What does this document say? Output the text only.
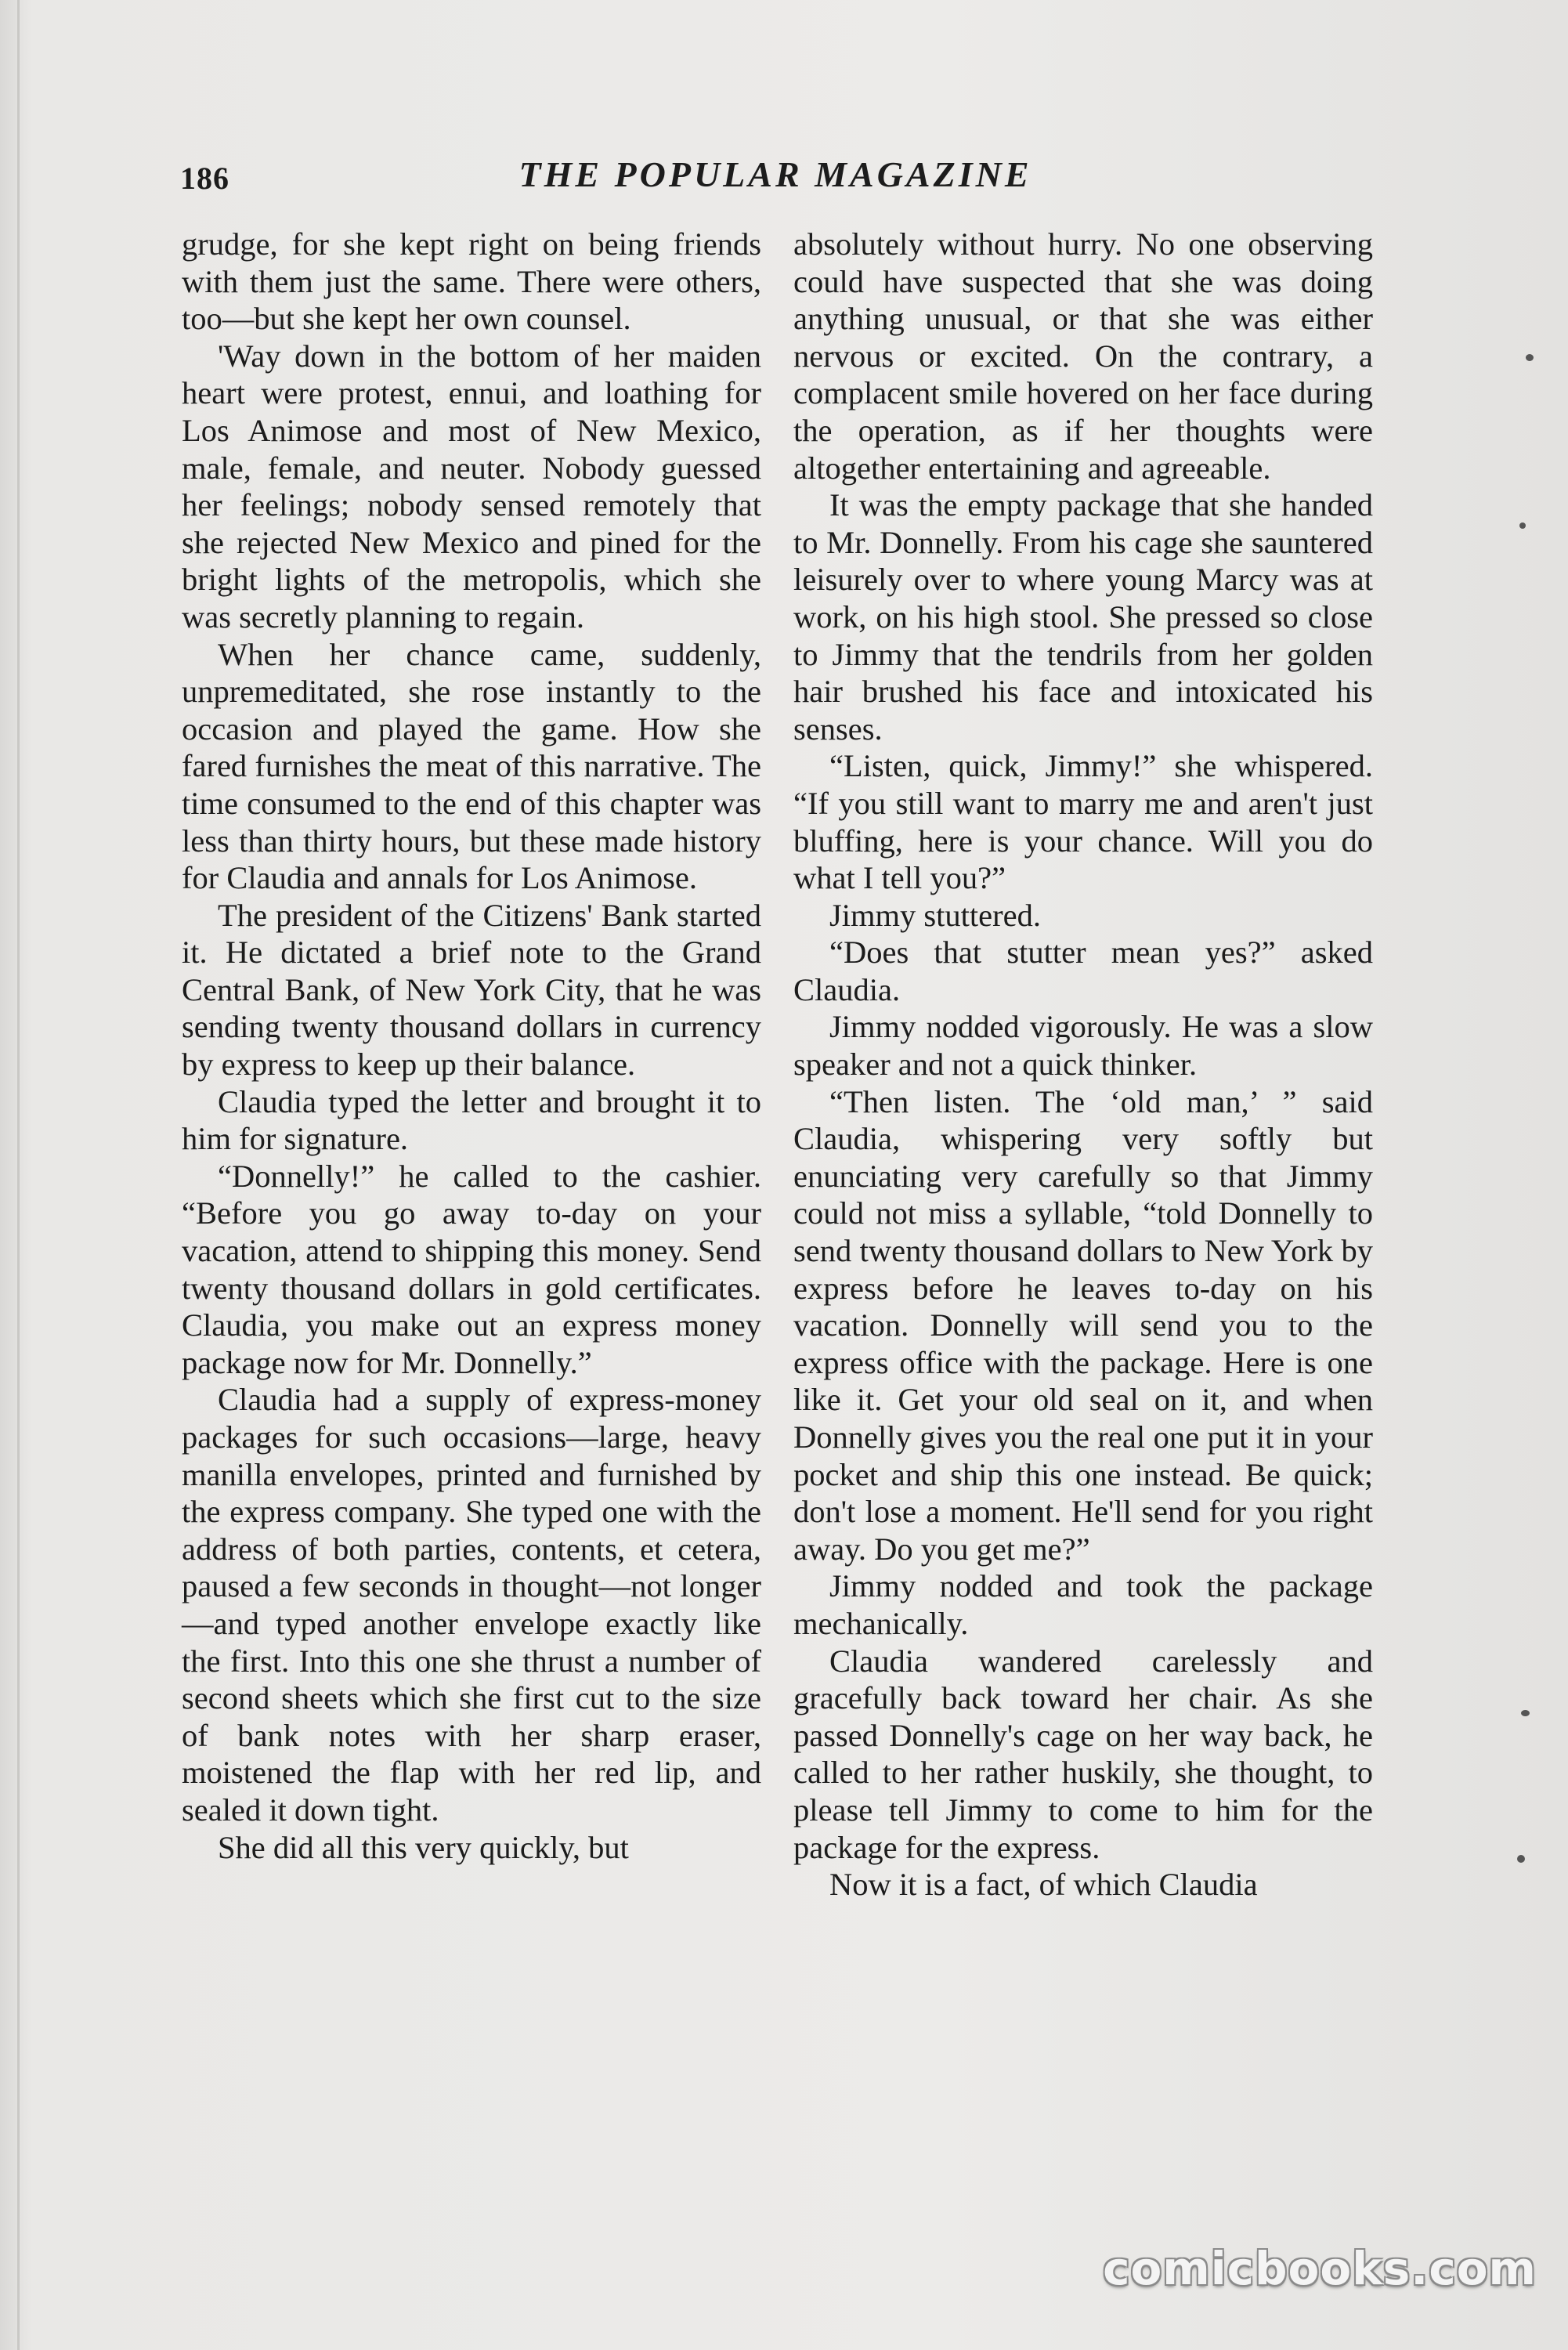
186	THE POPULAR MAGAZINE

grudge, for she kept right on being friends with them just the same. There were others, too—but she kept her own counsel.

'Way down in the bottom of her maiden heart were protest, ennui, and loathing for Los Animose and most of New Mexico, male, female, and neuter. Nobody guessed her feelings; nobody sensed remotely that she rejected New Mexico and pined for the bright lights of the metropolis, which she was secretly planning to regain.

When her chance came, suddenly, unpremeditated, she rose instantly to the occasion and played the game. How she fared furnishes the meat of this narrative. The time consumed to the end of this chapter was less than thirty hours, but these made history for Claudia and annals for Los Animose.

The president of the Citizens' Bank started it. He dictated a brief note to the Grand Central Bank, of New York City, that he was sending twenty thousand dollars in currency by express to keep up their balance.

Claudia typed the letter and brought it to him for signature.

“Donnelly!” he called to the cashier. “Before you go away to-day on your vacation, attend to shipping this money. Send twenty thousand dollars in gold certificates. Claudia, you make out an express money package now for Mr. Donnelly.”

Claudia had a supply of express-money packages for such occasions—large, heavy manilla envelopes, printed and furnished by the express company. She typed one with the address of both parties, contents, et cetera, paused a few seconds in thought—not longer—and typed another envelope exactly like the first. Into this one she thrust a number of second sheets which she first cut to the size of bank notes with her sharp eraser, moistened the flap with her red lip, and sealed it down tight.

She did all this very quickly, but

absolutely without hurry. No one observing could have suspected that she was doing anything unusual, or that she was either nervous or excited. On the contrary, a complacent smile hovered on her face during the operation, as if her thoughts were altogether entertaining and agreeable.

It was the empty package that she handed to Mr. Donnelly. From his cage she sauntered leisurely over to where young Marcy was at work, on his high stool. She pressed so close to Jimmy that the tendrils from her golden hair brushed his face and intoxicated his senses.

“Listen, quick, Jimmy!” she whispered. “If you still want to marry me and aren't just bluffing, here is your chance. Will you do what I tell you?”

Jimmy stuttered.

“Does that stutter mean yes?” asked Claudia.

Jimmy nodded vigorously. He was a slow speaker and not a quick thinker.

“Then listen. The ‘old man,’ ” said Claudia, whispering very softly but enunciating very carefully so that Jimmy could not miss a syllable, “told Donnelly to send twenty thousand dollars to New York by express before he leaves to-day on his vacation. Donnelly will send you to the express office with the package. Here is one like it. Get your old seal on it, and when Donnelly gives you the real one put it in your pocket and ship this one instead. Be quick; don't lose a moment. He'll send for you right away. Do you get me?”

Jimmy nodded and took the package mechanically.

Claudia wandered carelessly and gracefully back toward her chair. As she passed Donnelly's cage on her way back, he called to her rather huskily, she thought, to please tell Jimmy to come to him for the package for the express.

Now it is a fact, of which Claudia

comicbooks.com
